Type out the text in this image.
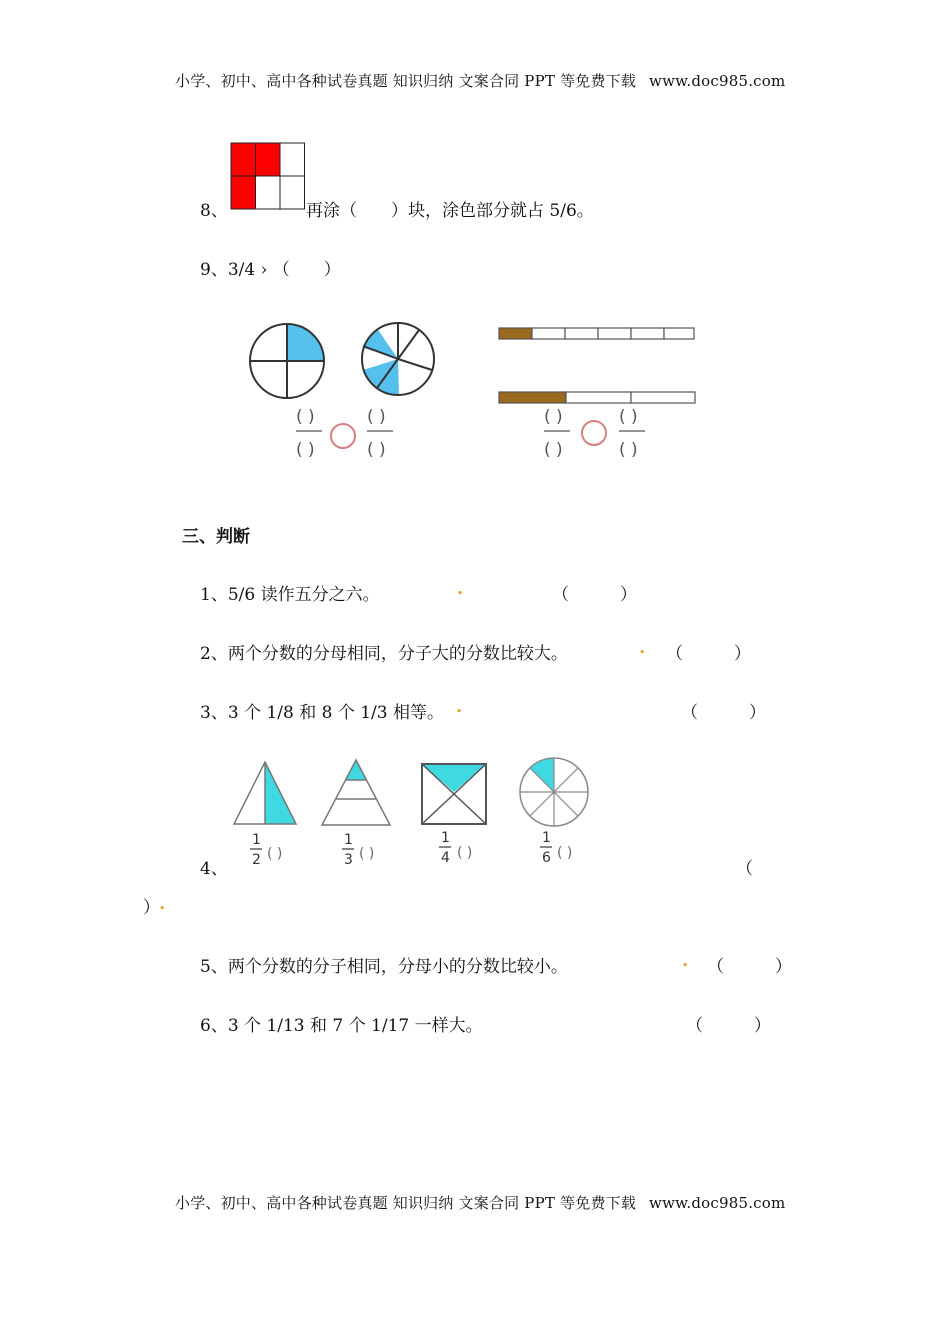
小学、初中、高中各种试卷真题 知识归纳 文案合同 PPT 等免费下载 www.doc985.com
8、	再涂（　　）块，涂色部分就占 5/6。
9、3/4 › （　　）
( )
( )
( )
( )
( )
( )
( )
( )
三、判断
1、5/6 读作五分之六。	.	（　　　）
2、两个分数的分母相同，分子大的分数比较大。	. （　　　）
3、3 个 1/8 和 8 个 1/3 相等。 .	（　　　）
1
2 ( )
1
3 ( )
1
4 ( )
1
6 ( )
4、	（
） .
5、两个分数的分子相同，分母小的分数比较小。	. （　　　）
6、3 个 1/13 和 7 个 1/17 一样大。	（　　　）
小学、初中、高中各种试卷真题 知识归纳 文案合同 PPT 等免费下载 www.doc985.com
